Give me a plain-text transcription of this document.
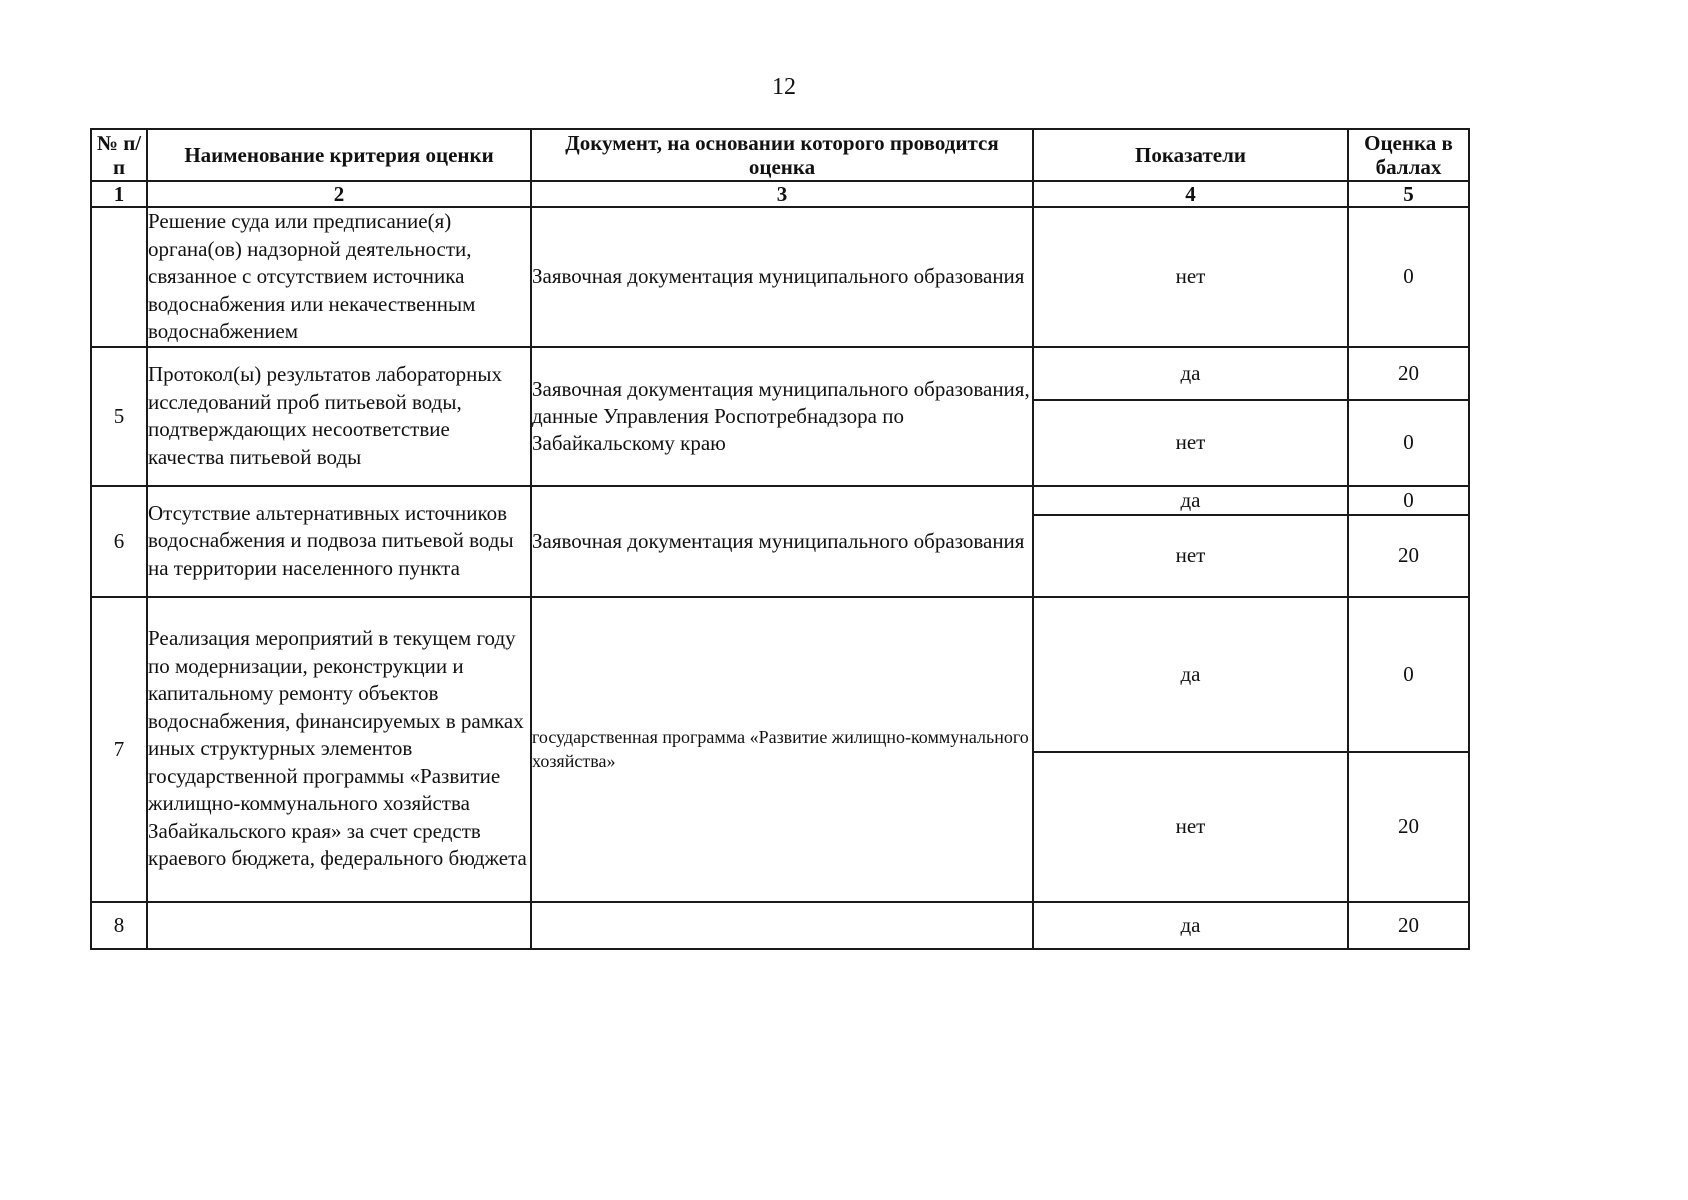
12
№ п/п	Наименование критерия оценки	Документ, на основании которого проводится оценка	Показатели	Оценка в баллах
1	2	3	4	5
	Решение суда или предписание(я) органа(ов) надзорной деятельности, связанное с отсутствием источника водоснабжения или некачественным водоснабжением	Заявочная документация муниципального образования	нет	0
5	Протокол(ы) результатов лабораторных исследований проб питьевой воды, подтверждающих несоответствие качества питьевой воды	Заявочная документация муниципального образования, данные Управления Роспотребнадзора по Забайкальскому краю	да	20
			нет	0
6	Отсутствие альтернативных источников водоснабжения и подвоза питьевой воды на территории населенного пункта	Заявочная документация муниципального образования	да	0
			нет	20
7	Реализация мероприятий в текущем году по модернизации, реконструкции и капитальному ремонту объектов водоснабжения, финансируемых в рамках иных структурных элементов государственной программы «Развитие жилищно-коммунального хозяйства Забайкальского края» за счет средств краевого бюджета, федерального бюджета	государственная программа «Развитие жилищно-коммунального хозяйства»	да	0
			нет	20
8			да	20
